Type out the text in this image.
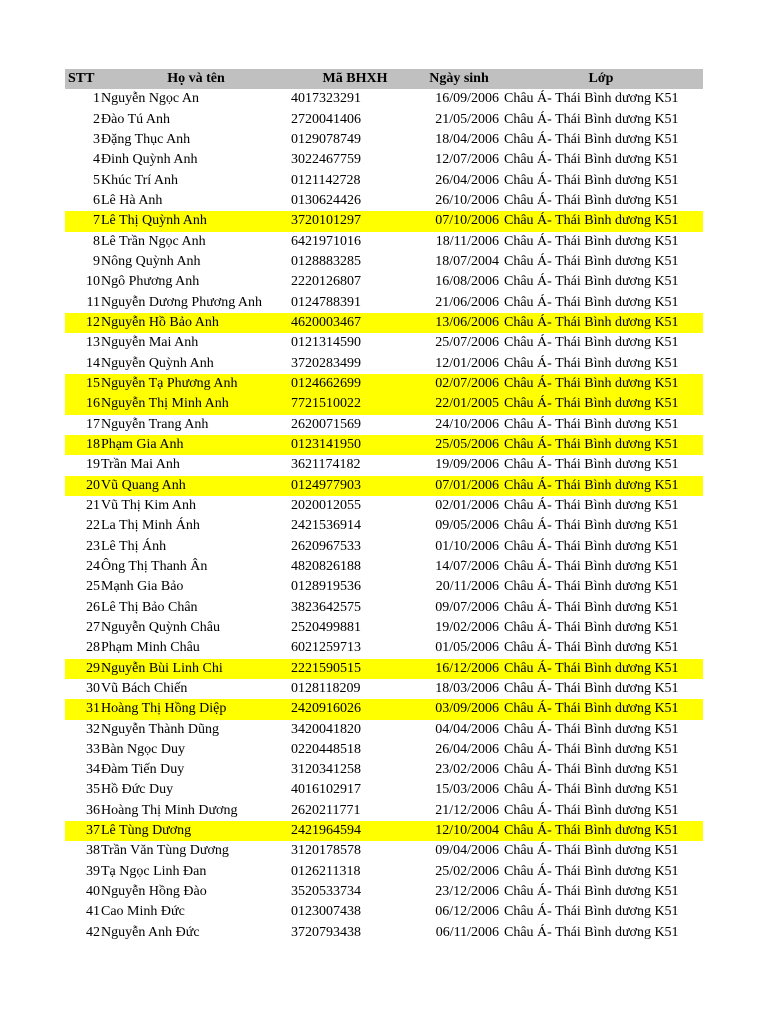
STT	Họ và tên	Mã BHXH	Ngày sinh	Lớp
1 Nguyễn Ngọc An	4017323291	16/09/2006 Châu Á- Thái Bình dương K51
2 Đào Tú Anh	2720041406	21/05/2006 Châu Á- Thái Bình dương K51
3 Đặng Thục Anh	0129078749	18/04/2006 Châu Á- Thái Bình dương K51
4 Đinh Quỳnh Anh	3022467759	12/07/2006 Châu Á- Thái Bình dương K51
5 Khúc Trí Anh	0121142728	26/04/2006 Châu Á- Thái Bình dương K51
6 Lê Hà Anh	0130624426	26/10/2006 Châu Á- Thái Bình dương K51
7 Lê Thị Quỳnh Anh	3720101297	07/10/2006 Châu Á- Thái Bình dương K51
8 Lê Trần Ngọc Anh	6421971016	18/11/2006 Châu Á- Thái Bình dương K51
9 Nông Quỳnh Anh	0128883285	18/07/2004 Châu Á- Thái Bình dương K51
10 Ngô Phương Anh	2220126807	16/08/2006 Châu Á- Thái Bình dương K51
11 Nguyễn Dương Phương Anh	0124788391	21/06/2006 Châu Á- Thái Bình dương K51
12 Nguyễn Hồ Bảo Anh	4620003467	13/06/2006 Châu Á- Thái Bình dương K51
13 Nguyễn Mai Anh	0121314590	25/07/2006 Châu Á- Thái Bình dương K51
14 Nguyễn Quỳnh Anh	3720283499	12/01/2006 Châu Á- Thái Bình dương K51
15 Nguyễn Tạ Phương Anh	0124662699	02/07/2006 Châu Á- Thái Bình dương K51
16 Nguyễn Thị Minh Anh	7721510022	22/01/2005 Châu Á- Thái Bình dương K51
17 Nguyễn Trang Anh	2620071569	24/10/2006 Châu Á- Thái Bình dương K51
18 Phạm Gia Anh	0123141950	25/05/2006 Châu Á- Thái Bình dương K51
19 Trần Mai Anh	3621174182	19/09/2006 Châu Á- Thái Bình dương K51
20 Vũ Quang Anh	0124977903	07/01/2006 Châu Á- Thái Bình dương K51
21 Vũ Thị Kim Anh	2020012055	02/01/2006 Châu Á- Thái Bình dương K51
22 La Thị Minh Ánh	2421536914	09/05/2006 Châu Á- Thái Bình dương K51
23 Lê Thị Ánh	2620967533	01/10/2006 Châu Á- Thái Bình dương K51
24 Ông Thị Thanh Ân	4820826188	14/07/2006 Châu Á- Thái Bình dương K51
25 Mạnh Gia Bảo	0128919536	20/11/2006 Châu Á- Thái Bình dương K51
26 Lê Thị Bảo Chân	3823642575	09/07/2006 Châu Á- Thái Bình dương K51
27 Nguyễn Quỳnh Châu	2520499881	19/02/2006 Châu Á- Thái Bình dương K51
28 Phạm Minh Châu	6021259713	01/05/2006 Châu Á- Thái Bình dương K51
29 Nguyễn Bùi Linh Chi	2221590515	16/12/2006 Châu Á- Thái Bình dương K51
30 Vũ Bách Chiến	0128118209	18/03/2006 Châu Á- Thái Bình dương K51
31 Hoàng Thị Hồng Diệp	2420916026	03/09/2006 Châu Á- Thái Bình dương K51
32 Nguyễn Thành Dũng	3420041820	04/04/2006 Châu Á- Thái Bình dương K51
33 Bàn Ngọc Duy	0220448518	26/04/2006 Châu Á- Thái Bình dương K51
34 Đàm Tiến Duy	3120341258	23/02/2006 Châu Á- Thái Bình dương K51
35 Hồ Đức Duy	4016102917	15/03/2006 Châu Á- Thái Bình dương K51
36 Hoàng Thị Minh Dương	2620211771	21/12/2006 Châu Á- Thái Bình dương K51
37 Lê Tùng Dương	2421964594	12/10/2004 Châu Á- Thái Bình dương K51
38 Trần Văn Tùng Dương	3120178578	09/04/2006 Châu Á- Thái Bình dương K51
39 Tạ Ngọc Linh Đan	0126211318	25/02/2006 Châu Á- Thái Bình dương K51
40 Nguyễn Hồng Đào	3520533734	23/12/2006 Châu Á- Thái Bình dương K51
41 Cao Minh Đức	0123007438	06/12/2006 Châu Á- Thái Bình dương K51
42 Nguyễn Anh Đức	3720793438	06/11/2006 Châu Á- Thái Bình dương K51
